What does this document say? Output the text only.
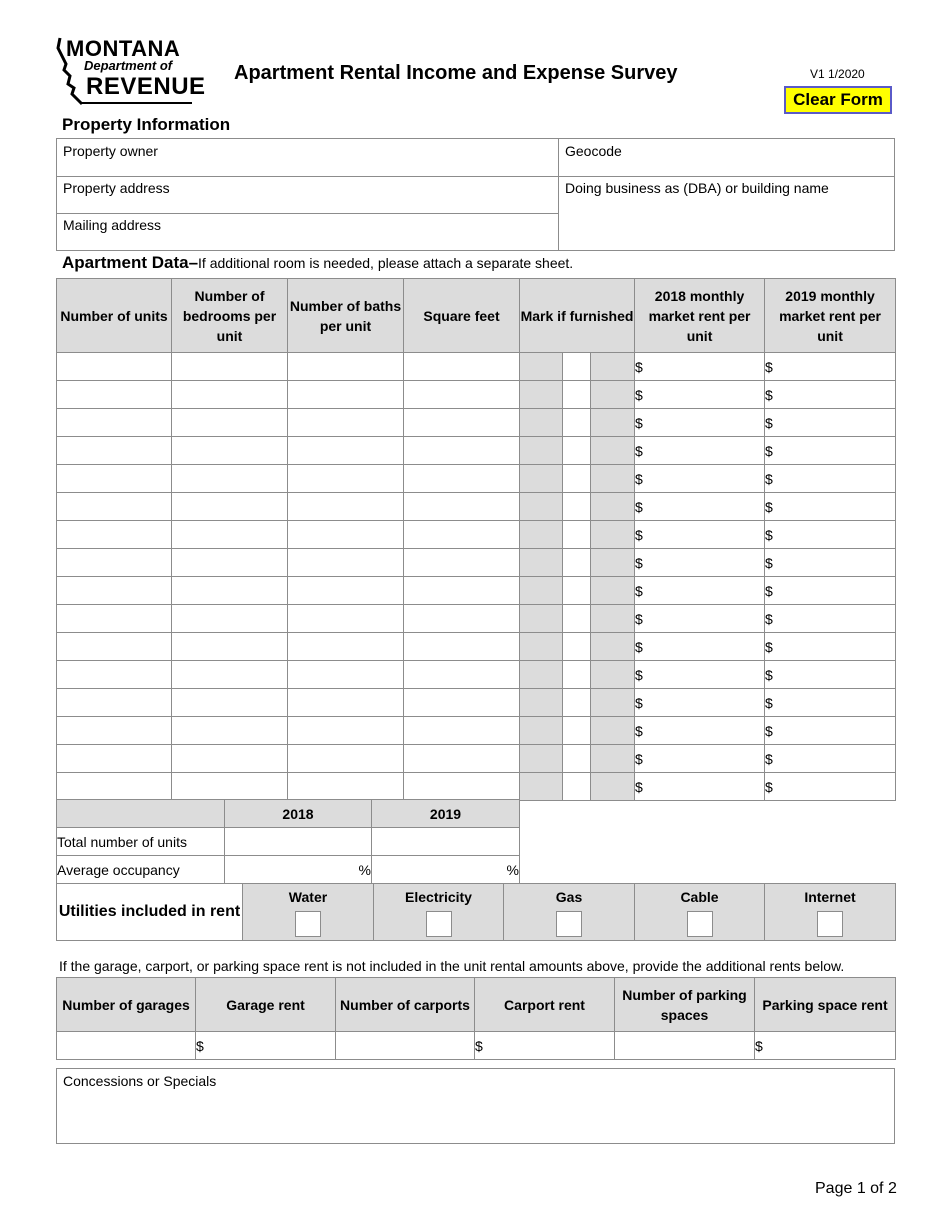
MONTANA
Department of
REVENUE Apartment Rental Income and Expense Survey	V1 1/2020
Clear Form
Property Information
Property owner
Property address
Mailing address
Geocode
Doing business as (DBA) or building name
Apartment Data–If additional room is needed, please attach a separate sheet.
Number of units	Number of bedrooms per unit	Number of baths per unit	Square feet	Mark if furnished			2018 monthly market rent per unit	2019 monthly market rent per unit
							$	$
							$	$
							$	$
							$	$
							$	$
							$	$
							$	$
							$	$
							$	$
							$	$
							$	$
							$	$
							$	$
							$	$
							$	$
							$	$
	2018	2019
Total number of units		
Average occupancy	%	%
Utilities included in rent	
Water	Electricity	Gas	Cable	Internet
If the garage, carport, or parking space rent is not included in the unit rental amounts above, provide the additional rents below.
Number of garages	Garage rent	Number of carports	Carport rent	Number of parking spaces	Parking space rent
	$		$		$
Concessions or Specials
Page 1 of 2
